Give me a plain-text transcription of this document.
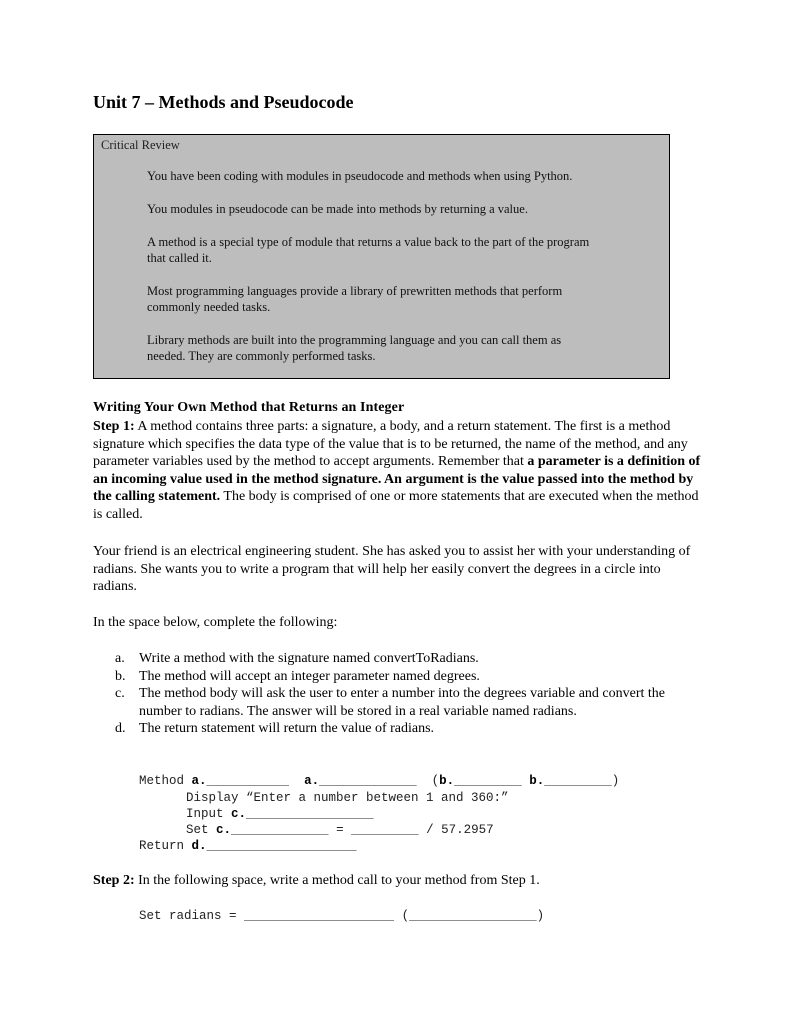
Unit 7 – Methods and Pseudocode
Critical Review
You have been coding with modules in pseudocode and methods when using Python.
You modules in pseudocode can be made into methods by returning a value.
A method is a special type of module that returns a value back to the part of the program
that called it.
Most programming languages provide a library of prewritten methods that perform
commonly needed tasks.
Library methods are built into the programming language and you can call them as
needed. They are commonly performed tasks.
Writing Your Own Method that Returns an Integer
Step 1: A method contains three parts: a signature, a body, and a return statement. The first is a method signature which specifies the data type of the value that is to be returned, the name of the method, and any parameter variables used by the method to accept arguments. Remember that a parameter is a definition of an incoming value used in the method signature. An argument is the value passed into the method by the calling statement. The body is comprised of one or more statements that are executed when the method is called.
Your friend is an electrical engineering student. She has asked you to assist her with your understanding of radians. She wants you to write a program that will help her easily convert the degrees in a circle into radians.
In the space below, complete the following:
a. Write a method with the signature named convertToRadians.
b. The method will accept an integer parameter named degrees.
c. The method body will ask the user to enter a number into the degrees variable and convert the number to radians. The answer will be stored in a real variable named radians.
d. The return statement will return the value of radians.
Method a.___________ a._____________ (b._________ b._________)
Display “Enter a number between 1 and 360:”
Input c._________________
Set c._____________ = _________ / 57.2957
Return d.____________________
Step 2: In the following space, write a method call to your method from Step 1.
Set radians = ____________________ (_________________)
